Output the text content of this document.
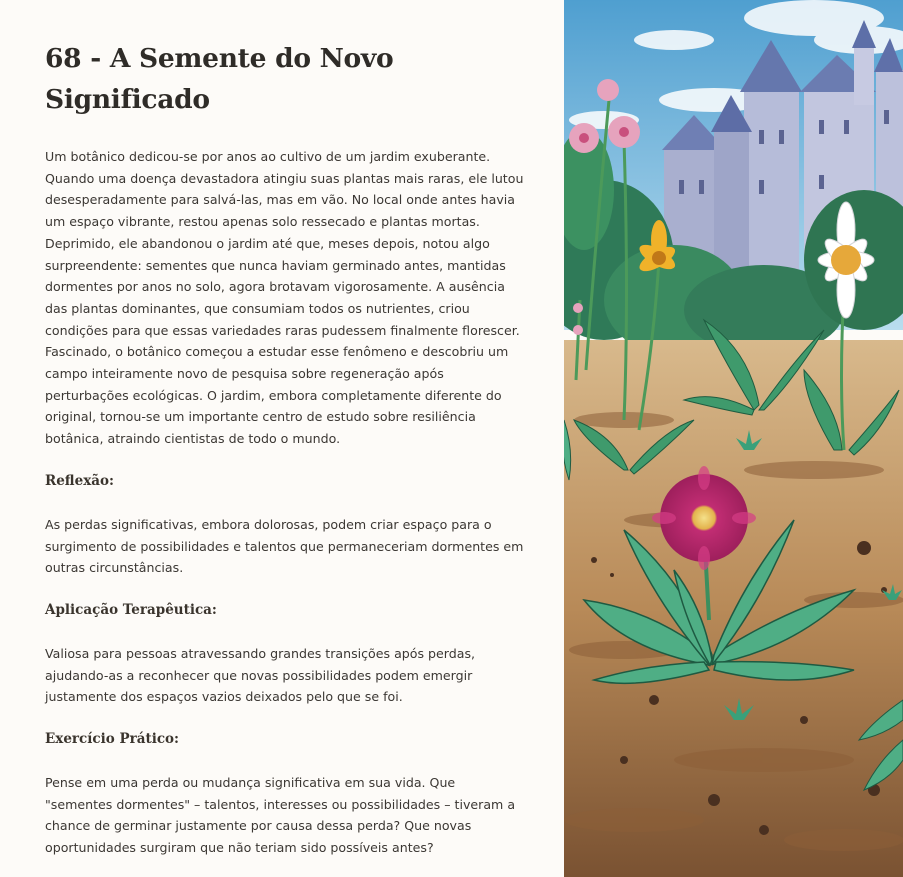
68 - A Semente do Novo Significado

Um botânico dedicou-se por anos ao cultivo de um jardim exuberante. Quando uma doença devastadora atingiu suas plantas mais raras, ele lutou desesperadamente para salvá-las, mas em vão. No local onde antes havia um espaço vibrante, restou apenas solo ressecado e plantas mortas. Deprimido, ele abandonou o jardim até que, meses depois, notou algo surpreendente: sementes que nunca haviam germinado antes, mantidas dormentes por anos no solo, agora brotavam vigorosamente. A ausência das plantas dominantes, que consumiam todos os nutrientes, criou condições para que essas variedades raras pudessem finalmente florescer. Fascinado, o botânico começou a estudar esse fenômeno e descobriu um campo inteiramente novo de pesquisa sobre regeneração após perturbações ecológicas. O jardim, embora completamente diferente do original, tornou-se um importante centro de estudo sobre resiliência botânica, atraindo cientistas de todo o mundo.

Reflexão:

As perdas significativas, embora dolorosas, podem criar espaço para o surgimento de possibilidades e talentos que permaneceriam dormentes em outras circunstâncias.

Aplicação Terapêutica:

Valiosa para pessoas atravessando grandes transições após perdas, ajudando-as a reconhecer que novas possibilidades podem emergir justamente dos espaços vazios deixados pelo que se foi.

Exercício Prático:

Pense em uma perda ou mudança significativa em sua vida. Que "sementes dormentes" – talentos, interesses ou possibilidades – tiveram a chance de germinar justamente por causa dessa perda? Que novas oportunidades surgiram que não teriam sido possíveis antes?
